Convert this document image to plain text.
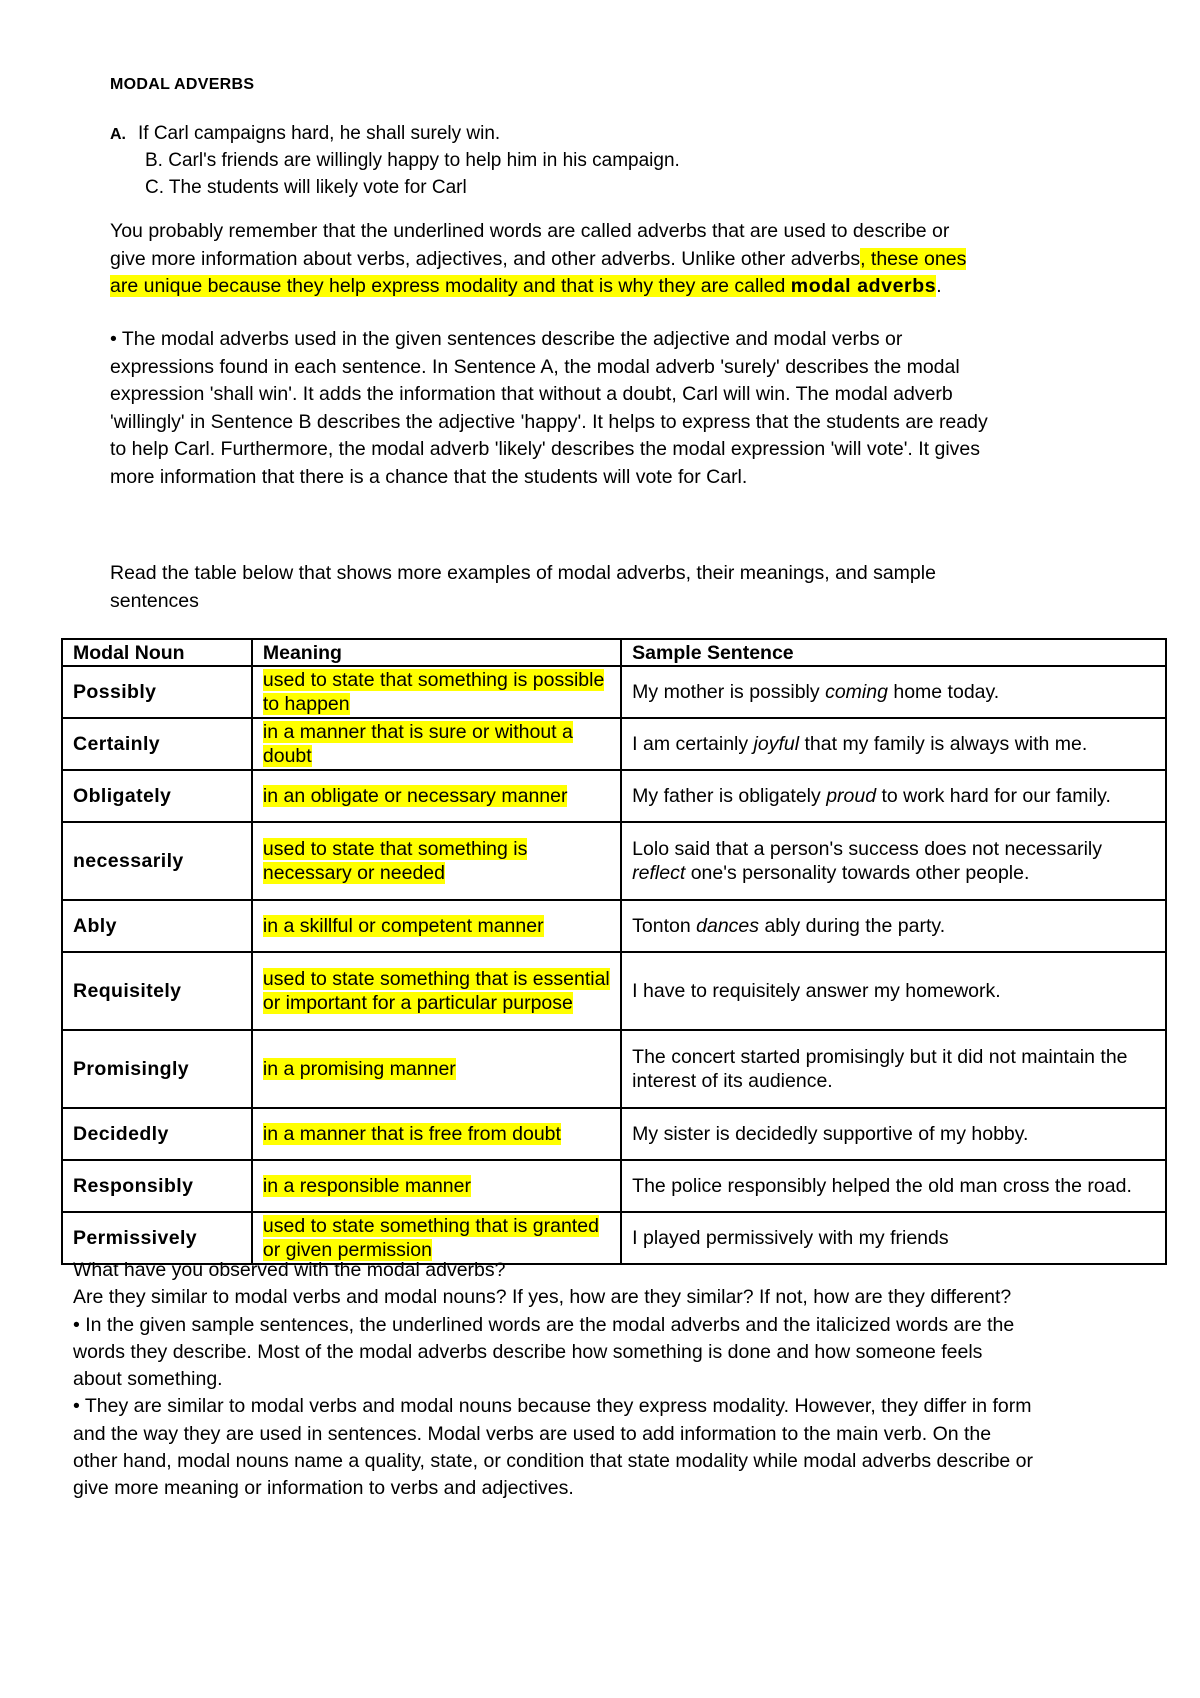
MODAL ADVERBS
A. If Carl campaigns hard, he shall surely win.
B. Carl's friends are willingly happy to help him in his campaign.
C. The students will likely vote for Carl
You probably remember that the underlined words are called adverbs that are used to describe or give more information about verbs, adjectives, and other adverbs. Unlike other adverbs, these ones are unique because they help express modality and that is why they are called modal adverbs.
• The modal adverbs used in the given sentences describe the adjective and modal verbs or expressions found in each sentence. In Sentence A, the modal adverb 'surely' describes the modal expression 'shall win'. It adds the information that without a doubt, Carl will win. The modal adverb 'willingly' in Sentence B describes the adjective 'happy'. It helps to express that the students are ready to help Carl. Furthermore, the modal adverb 'likely' describes the modal expression 'will vote'. It gives more information that there is a chance that the students will vote for Carl.
Read the table below that shows more examples of modal adverbs, their meanings, and sample sentences
Modal Noun	Meaning	Sample Sentence
Possibly	used to state that something is possible to happen	My mother is possibly coming home today.
Certainly	in a manner that is sure or without a doubt	I am certainly joyful that my family is always with me.
Obligately	in an obligate or necessary manner	My father is obligately proud to work hard for our family.
necessarily	used to state that something is necessary or needed	Lolo said that a person's success does not necessarily reflect one's personality towards other people.
Ably	in a skillful or competent manner	Tonton dances ably during the party.
Requisitely	used to state something that is essential or important for a particular purpose	I have to requisitely answer my homework.
Promisingly	in a promising manner	The concert started promisingly but it did not maintain the interest of its audience.
Decidedly	in a manner that is free from doubt	My sister is decidedly supportive of my hobby.
Responsibly	in a responsible manner	The police responsibly helped the old man cross the road.
Permissively	used to state something that is granted or given permission	I played permissively with my friends

What have you observed with the modal adverbs?

Are they similar to modal verbs and modal nouns? If yes, how are they similar? If not, how are they different?

• In the given sample sentences, the underlined words are the modal adverbs and the italicized words are the words they describe. Most of the modal adverbs describe how something is done and how someone feels about something.

• They are similar to modal verbs and modal nouns because they express modality. However, they differ in form and the way they are used in sentences. Modal verbs are used to add information to the main verb. On the other hand, modal nouns name a quality, state, or condition that state modality while modal adverbs describe or give more meaning or information to verbs and adjectives.
